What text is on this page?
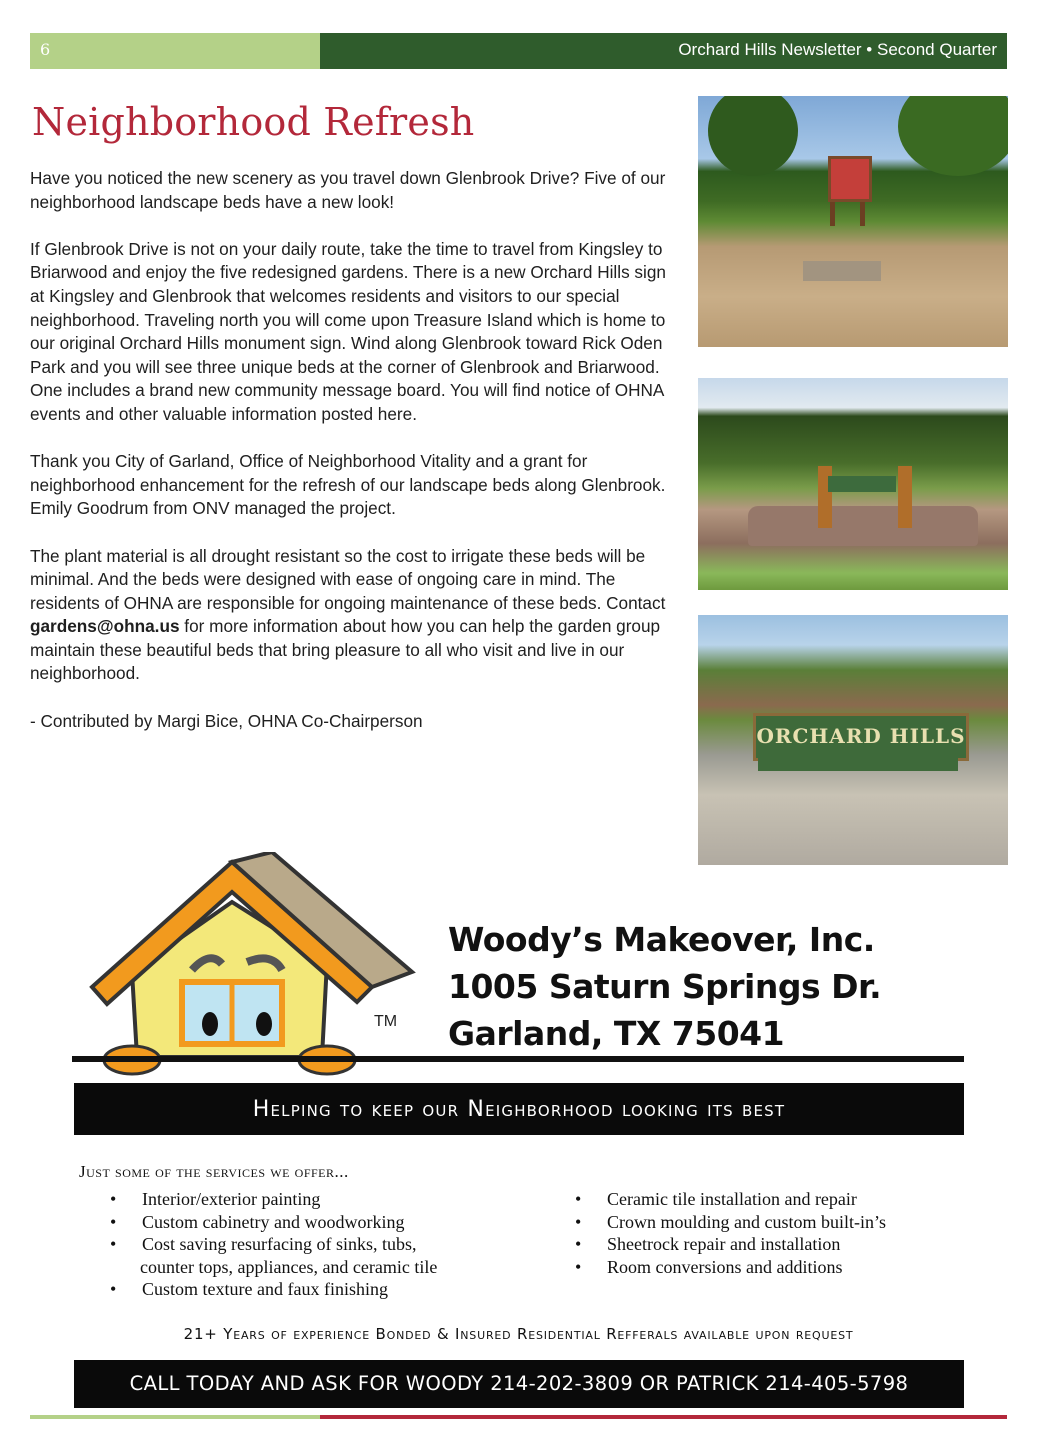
6	Orchard Hills Newsletter • Second Quarter
Neighborhood Refresh

Have you noticed the new scenery as you travel down Glenbrook Drive? Five of our neighborhood landscape beds have a new look!

If Glenbrook Drive is not on your daily route, take the time to travel from Kingsley to Briarwood and enjoy the five redesigned gardens. There is a new Orchard Hills sign at Kingsley and Glenbrook that welcomes residents and visitors to our special neighborhood. Traveling north you will come upon Treasure Island which is home to our original Orchard Hills monument sign. Wind along Glenbrook toward Rick Oden Park and you will see three unique beds at the corner of Glenbrook and Briarwood. One includes a brand new community message board. You will find notice of OHNA events and other valuable information posted here.

Thank you City of Garland, Office of Neighborhood Vitality and a grant for neighborhood enhancement for the refresh of our landscape beds along Glenbrook. Emily Goodrum from ONV managed the project.

The plant material is all drought resistant so the cost to irrigate these beds will be minimal. And the beds were designed with ease of ongoing care in mind. The residents of OHNA are responsible for ongoing maintenance of these beds. Contact gardens@ohna.us for more information about how you can help the garden group maintain these beautiful beds that bring pleasure to all who visit and live in our neighborhood.

- Contributed by Margi Bice, OHNA Co-Chairperson

ORCHARD HILLS
TM
Woody’s Makeover, Inc.
1005 Saturn Springs Dr.
Garland, TX 75041
Helping to keep our Neighborhood looking its best
Just some of the services we offer...
• Interior/exterior painting
• Custom cabinetry and woodworking
• Cost saving resurfacing of sinks, tubs,
counter tops, appliances, and ceramic tile
• Custom texture and faux finishing
• Ceramic tile installation and repair
• Crown moulding and custom built-in’s
• Sheetrock repair and installation
• Room conversions and additions
21+ Years of experience Bonded & Insured Residential Refferals available upon request
CALL TODAY AND ASK FOR WOODY 214-202-3809 OR PATRICK 214-405-5798
